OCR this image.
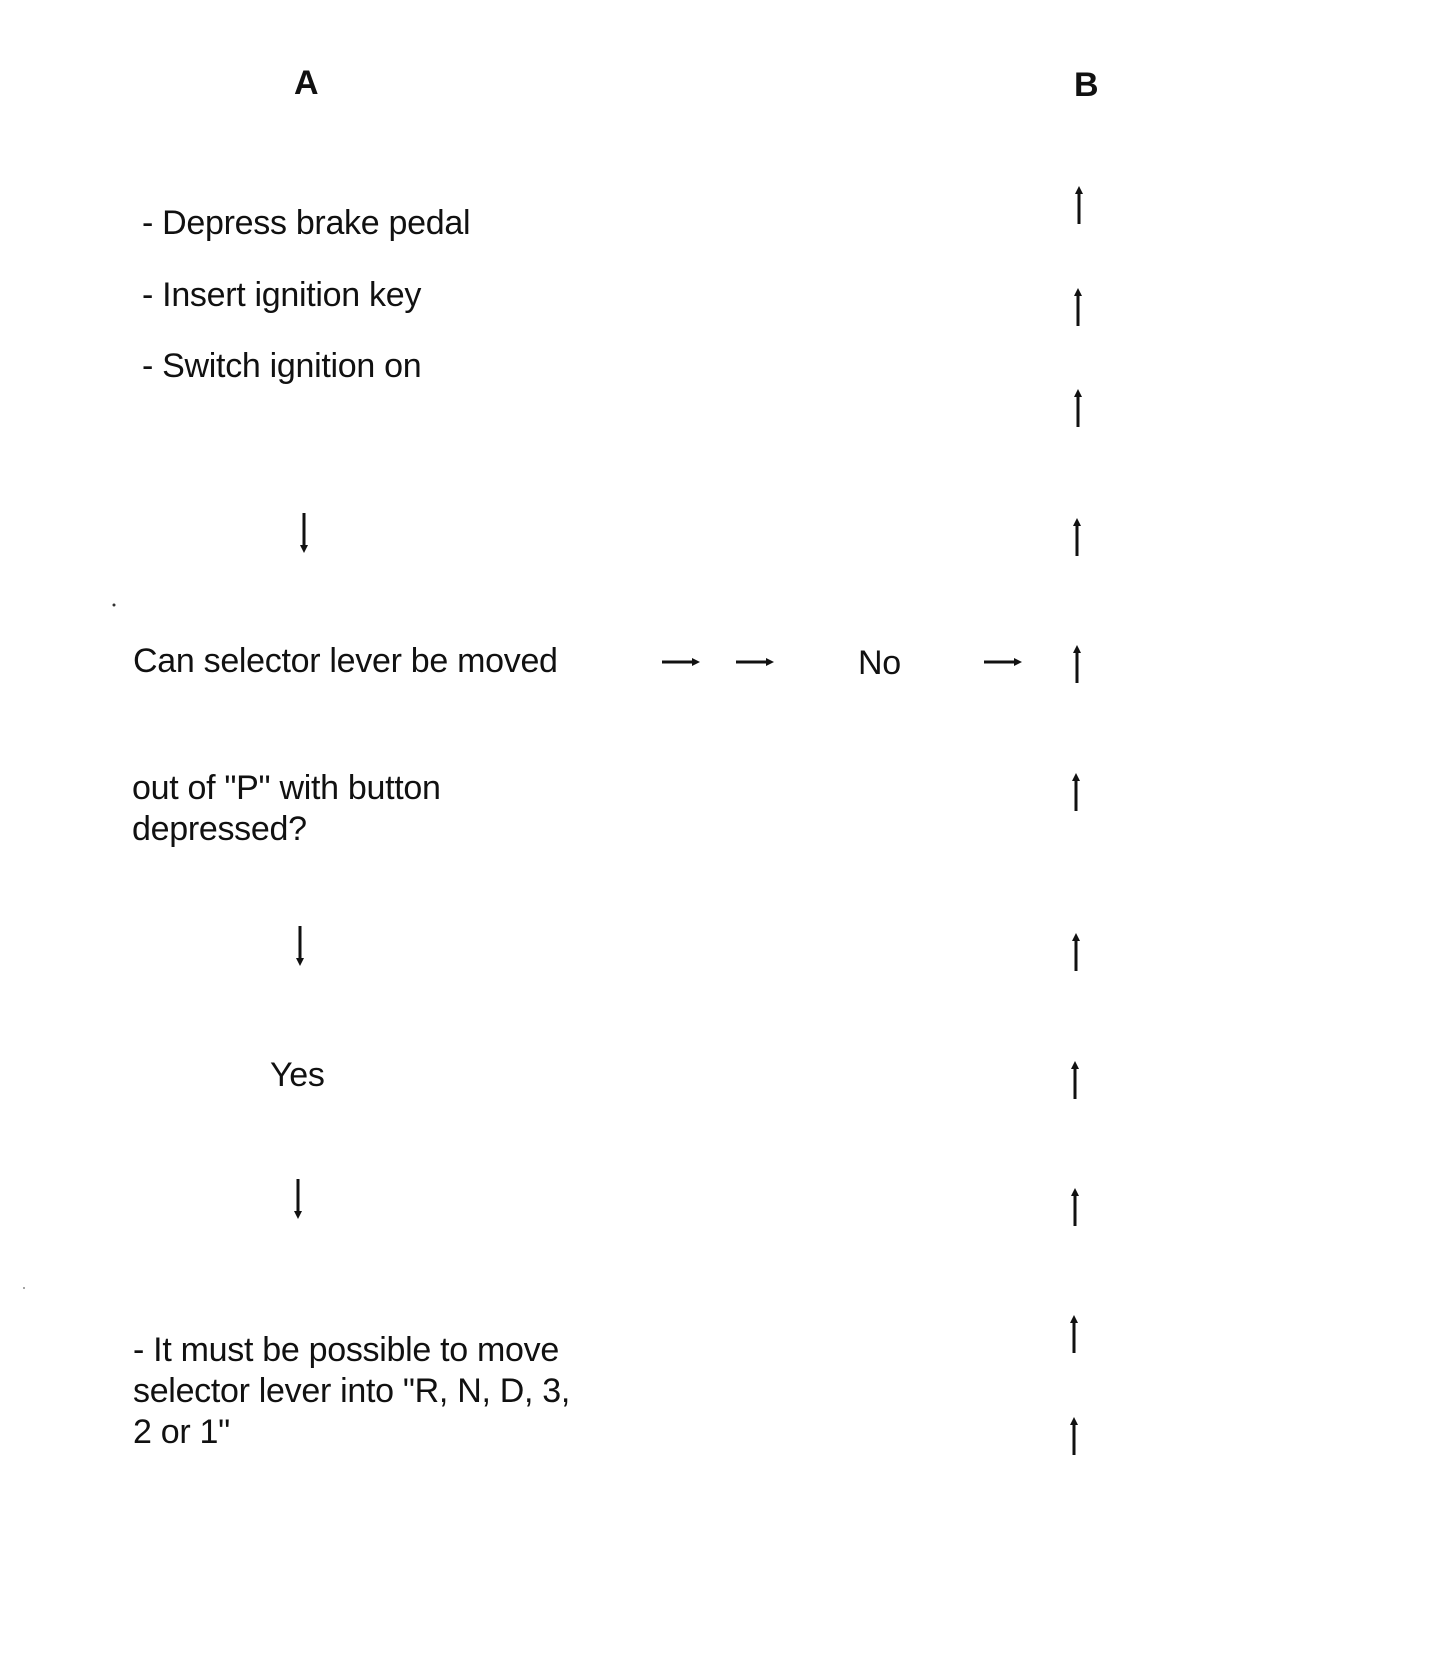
A	B
- Depress brake pedal
- Insert ignition key
- Switch ignition on
Can selector lever be moved
out of "P" with button
depressed?
No
Yes
- It must be possible to move
selector lever into "R, N, D, 3,
2 or 1"
